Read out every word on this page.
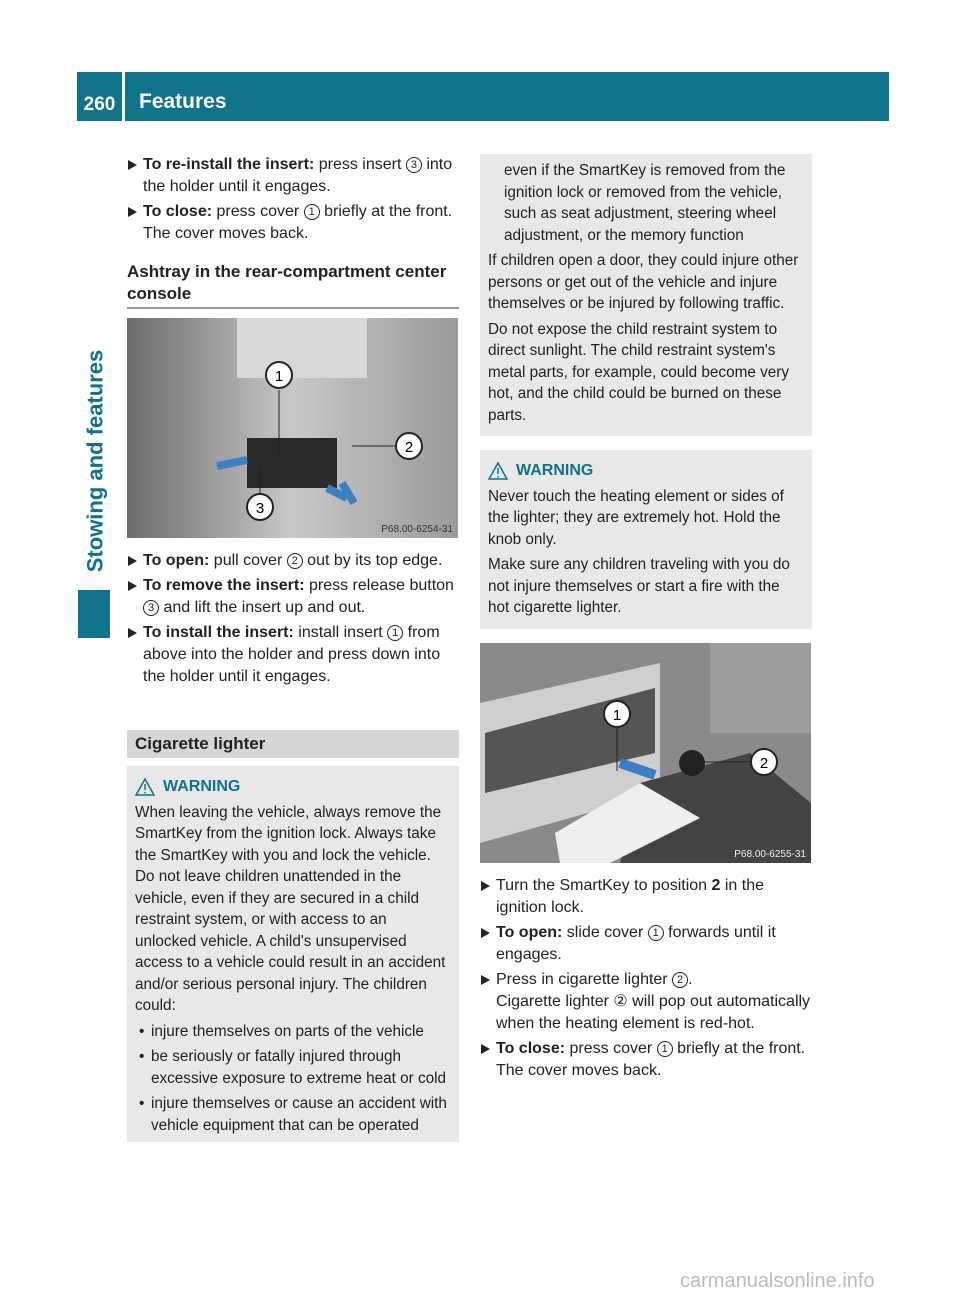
260	Features
Stowing and features
To re-install the insert: press insert 3 into the holder until it engages.
To close: press cover 1 briefly at the front.
The cover moves back.
Ashtray in the rear-compartment center console
1
2
3
P68.00-6254-31
To open: pull cover 2 out by its top edge.
To remove the insert: press release button 3 and lift the insert up and out.
To install the insert: install insert 1 from above into the holder and press down into the holder until it engages.
Cigarette lighter
WARNING

When leaving the vehicle, always remove the SmartKey from the ignition lock. Always take the SmartKey with you and lock the vehicle. Do not leave children unattended in the vehicle, even if they are secured in a child restraint system, or with access to an unlocked vehicle. A child's unsupervised access to a vehicle could result in an accident and/or serious personal injury. The children could:

• injure themselves on parts of the vehicle
• be seriously or fatally injured through excessive exposure to extreme heat or cold
• injure themselves or cause an accident with vehicle equipment that can be operated

even if the SmartKey is removed from the ignition lock or removed from the vehicle, such as seat adjustment, steering wheel adjustment, or the memory function

If children open a door, they could injure other persons or get out of the vehicle and injure themselves or be injured by following traffic.

Do not expose the child restraint system to direct sunlight. The child restraint system's metal parts, for example, could become very hot, and the child could be burned on these parts.

WARNING

Never touch the heating element or sides of the lighter; they are extremely hot. Hold the knob only.

Make sure any children traveling with you do not injure themselves or start a fire with the hot cigarette lighter.

1
2
P68.00-6255-31
Turn the SmartKey to position 2 in the ignition lock.
To open: slide cover 1 forwards until it engages.
Press in cigarette lighter 2 .
Cigarette lighter ② will pop out automatically when the heating element is red-hot.
To close: press cover 1 briefly at the front.
The cover moves back.
carmanualsonline.info
